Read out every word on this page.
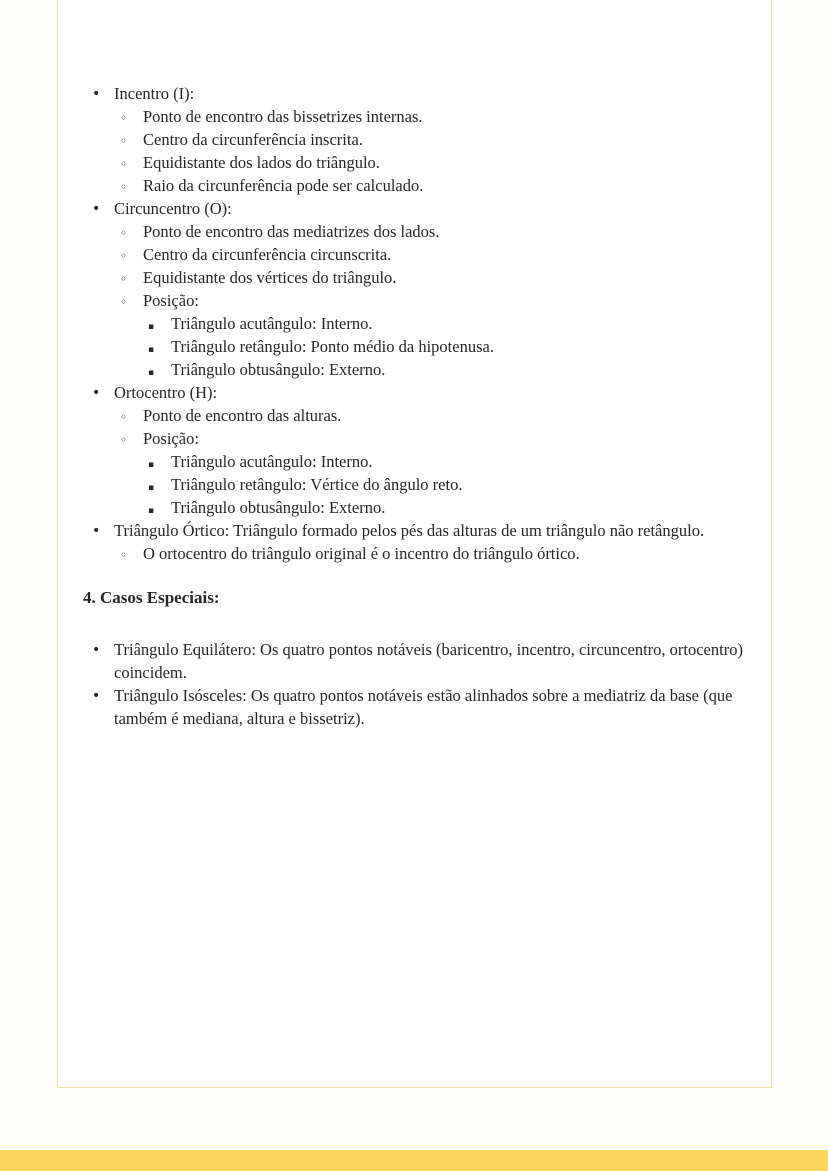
• Incentro (I):
◦ Ponto de encontro das bissetrizes internas.
◦ Centro da circunferência inscrita.
◦ Equidistante dos lados do triângulo.
◦ Raio da circunferência pode ser calculado.
• Circuncentro (O):
◦ Ponto de encontro das mediatrizes dos lados.
◦ Centro da circunferência circunscrita.
◦ Equidistante dos vértices do triângulo.
◦ Posição:
▪ Triângulo acutângulo: Interno.
▪ Triângulo retângulo: Ponto médio da hipotenusa.
▪ Triângulo obtusângulo: Externo.
• Ortocentro (H):
◦ Ponto de encontro das alturas.
◦ Posição:
▪ Triângulo acutângulo: Interno.
▪ Triângulo retângulo: Vértice do ângulo reto.
▪ Triângulo obtusângulo: Externo.
• Triângulo Órtico: Triângulo formado pelos pés das alturas de um triângulo não retângulo.
◦ O ortocentro do triângulo original é o incentro do triângulo órtico.
4. Casos Especiais:
• Triângulo Equilátero: Os quatro pontos notáveis (baricentro, incentro, circuncentro, ortocentro) coincidem.
• Triângulo Isósceles: Os quatro pontos notáveis estão alinhados sobre a mediatriz da base (que também é mediana, altura e bissetriz).
